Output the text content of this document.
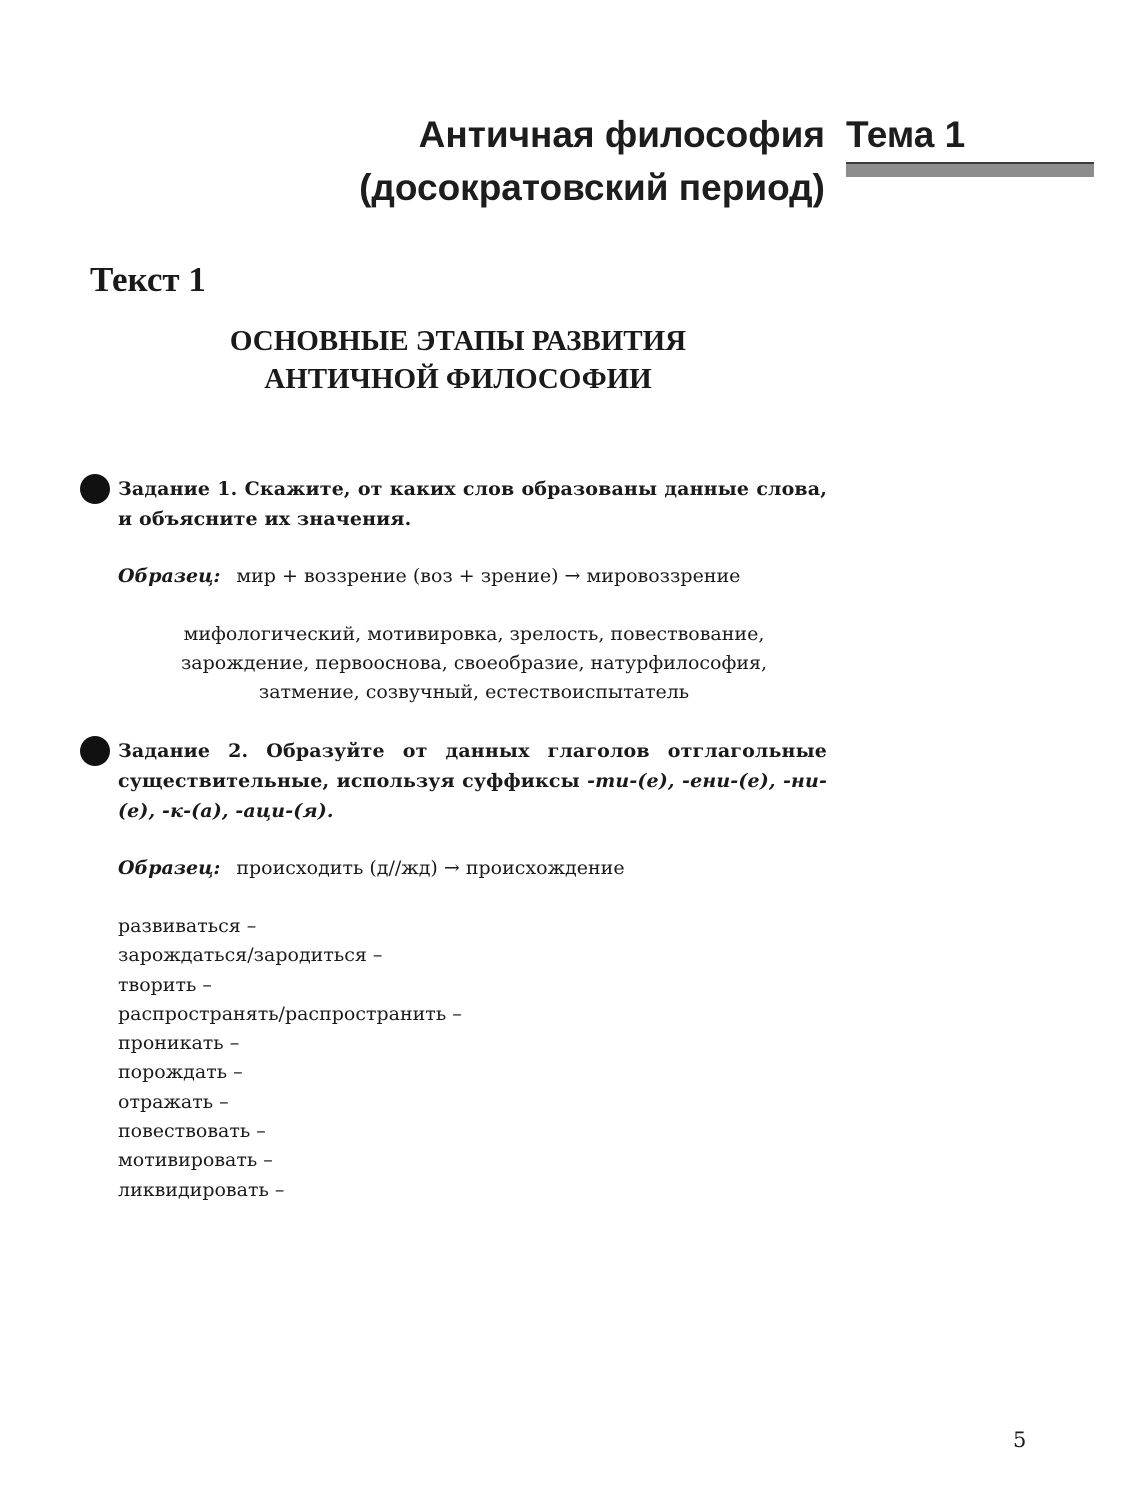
Античная философия
(досократовский период)
Тема 1
Текст 1
ОСНОВНЫЕ ЭТАПЫ РАЗВИТИЯ
АНТИЧНОЙ ФИЛОСОФИИ
Задание 1. Скажите, от каких слов образованы данные слова, и объясните их значения.
Образец: мир + воззрение (воз + зрение) → мировоззрение
мифологический, мотивировка, зрелость, повествование,
зарождение, первооснова, своеобразие, натурфилософия,
затмение, созвучный, естествоиспытатель
Задание 2. Образуйте от данных глаголов отглагольные существительные, используя суффиксы -ти-(е), -ени-(е), -ни-(е), -к-(а), -аци-(я).
Образец: происходить (д//жд) → происхождение
развиваться –
зарождаться/зародиться –
творить –
распространять/распространить –
проникать –
порождать –
отражать –
повествовать –
мотивировать –
ликвидировать –
5
